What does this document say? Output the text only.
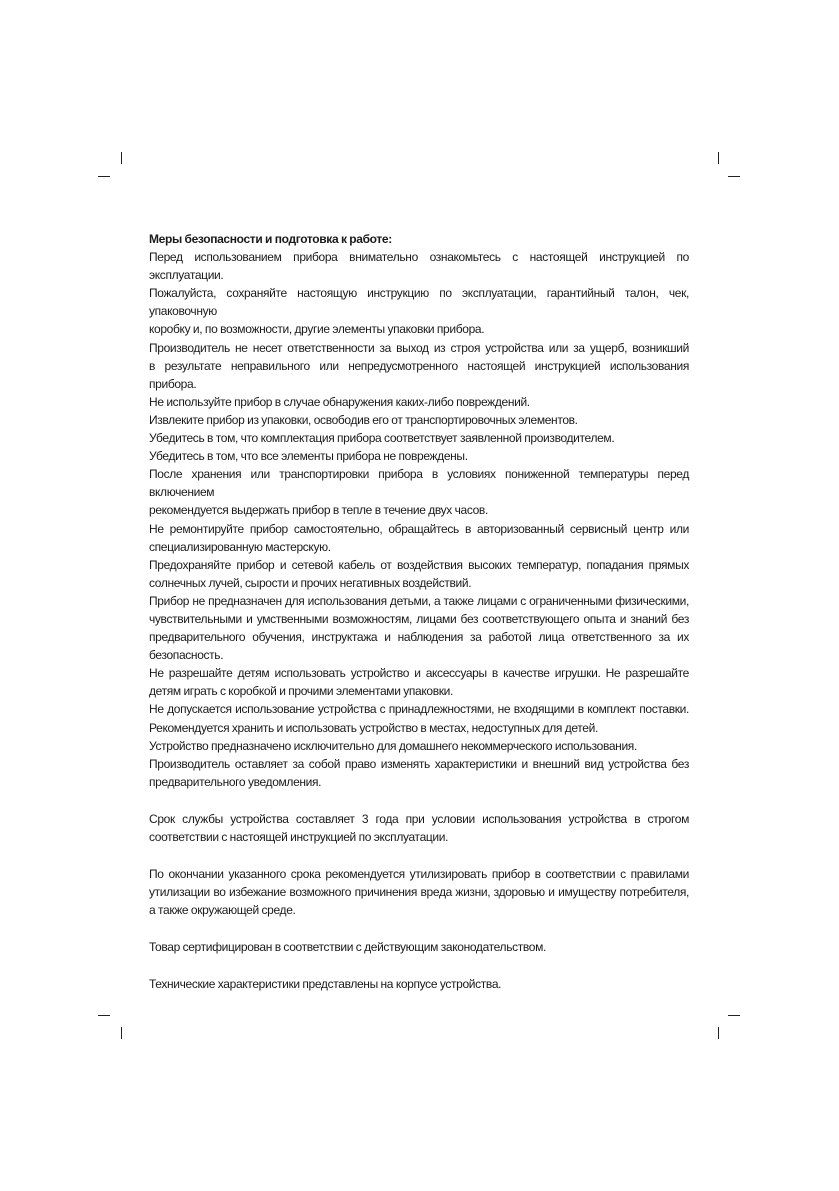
Меры безопасности и подготовка к работе:
Перед использованием прибора внимательно ознакомьтесь с настоящей инструкцией по эксплуатации.
Пожалуйста, сохраняйте настоящую инструкцию по эксплуатации, гарантийный талон, чек, упаковочную
коробку и, по возможности, другие элементы упаковки прибора.
Производитель не несет ответственности за выход из строя устройства или за ущерб, возникший
в результате неправильного или непредусмотренного настоящей инструкцией использования прибора.
Не используйте прибор в случае обнаружения каких-либо повреждений.
Извлеките прибор из упаковки, освободив его от транспортировочных элементов.
Убедитесь в том, что комплектация прибора соответствует заявленной производителем.
Убедитесь в том, что все элементы прибора не повреждены.
После хранения или транспортировки прибора в условиях пониженной температуры перед включением
рекомендуется выдержать прибор в тепле в течение двух часов.
Не ремонтируйте прибор самостоятельно, обращайтесь в авторизованный сервисный центр или
специализированную мастерскую.
Предохраняйте прибор и сетевой кабель от воздействия высоких температур, попадания прямых
солнечных лучей, сырости и прочих негативных воздействий.
Прибор не предназначен для использования детьми, а также лицами с ограниченными физическими,
чувствительными и умственными возможностям, лицами без соответствующего опыта и знаний без
предварительного обучения, инструктажа и наблюдения за работой лица ответственного за их
безопасность.
Не разрешайте детям использовать устройство и аксессуары в качестве игрушки. Не разрешайте
детям играть с коробкой и прочими элементами упаковки.
Не допускается использование устройства с принадлежностями, не входящими в комплект поставки.
Рекомендуется хранить и использовать устройство в местах, недоступных для детей.
Устройство предназначено исключительно для домашнего некоммерческого использования.
Производитель оставляет за собой право изменять характеристики и внешний вид устройства без
предварительного уведомления.
Срок службы устройства составляет 3 года при условии использования устройства в строгом
соответствии с настоящей инструкцией по эксплуатации.
По окончании указанного срока рекомендуется утилизировать прибор в соответствии с правилами
утилизации во избежание возможного причинения вреда жизни, здоровью и имуществу потребителя,
а также окружающей среде.
Товар сертифицирован в соответствии с действующим законодательством.
Технические характеристики представлены на корпусе устройства.
